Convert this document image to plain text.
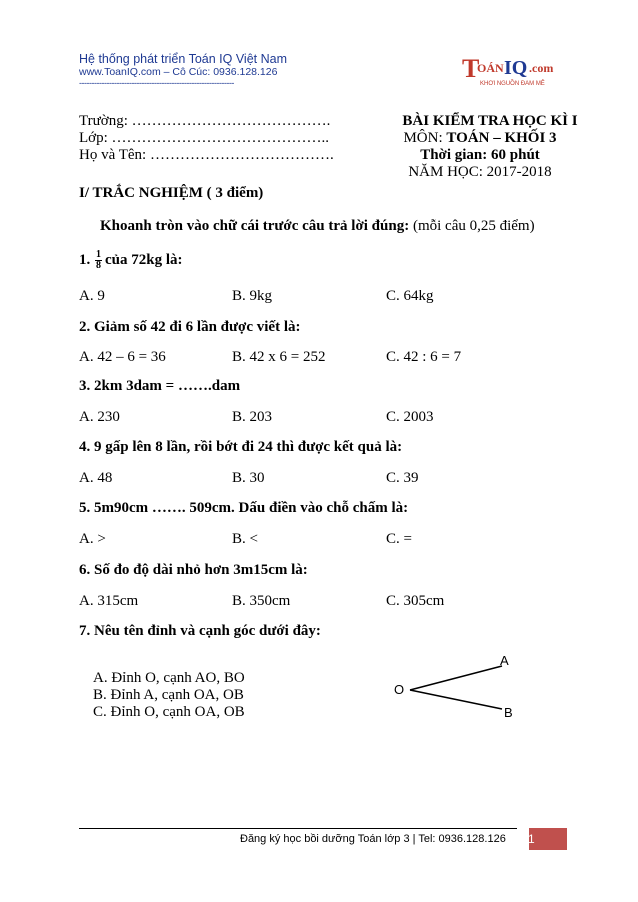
Hệ thống phát triển Toán IQ Việt Nam
www.ToanIQ.com – Cô Cúc: 0936.128.126
--------------------------------------------------------------	T
OÁN IQ .com
KHƠI NGUỒN ĐAM MÊ
Trường: ………………………………….
Lớp: ……………………………………..
Họ và Tên: ……………………………….
BÀI KIỂM TRA HỌC KÌ I
MÔN: TOÁN – KHỐI 3
Thời gian: 60 phút
NĂM HỌC: 2017-2018
I/ TRẮC NGHIỆM ( 3 điểm)
Khoanh tròn vào chữ cái trước câu trả lời đúng: (mỗi câu 0,25 điểm)
1. $\frac{1}{8}$ của 72kg là:
A. 9	B. 9kg	C. 64kg
2. Giảm số 42 đi 6 lần được viết là:
A. 42 – 6 = 36	B. 42 x 6 = 252	C. 42 : 6 = 7
3. 2km 3dam = …….dam
A. 230	B. 203	C. 2003
4. 9 gấp lên 8 lần, rồi bớt đi 24 thì được kết quả là:
A. 48	B. 30	C. 39
5. 5m90cm ……. 509cm. Dấu điền vào chỗ chấm là:
A. >	B. <	C. =
6. Số đo độ dài nhỏ hơn 3m15cm là:
A. 315cm	B. 350cm	C. 305cm
7. Nêu tên đỉnh và cạnh góc dưới đây:
A. Đỉnh O, cạnh AO, BO
B. Đỉnh A, cạnh OA, OB
C. Đỉnh O, cạnh OA, OB
O
A
B
Đăng ký học bồi dưỡng Toán lớp 3 | Tel: 0936.128.126 1
